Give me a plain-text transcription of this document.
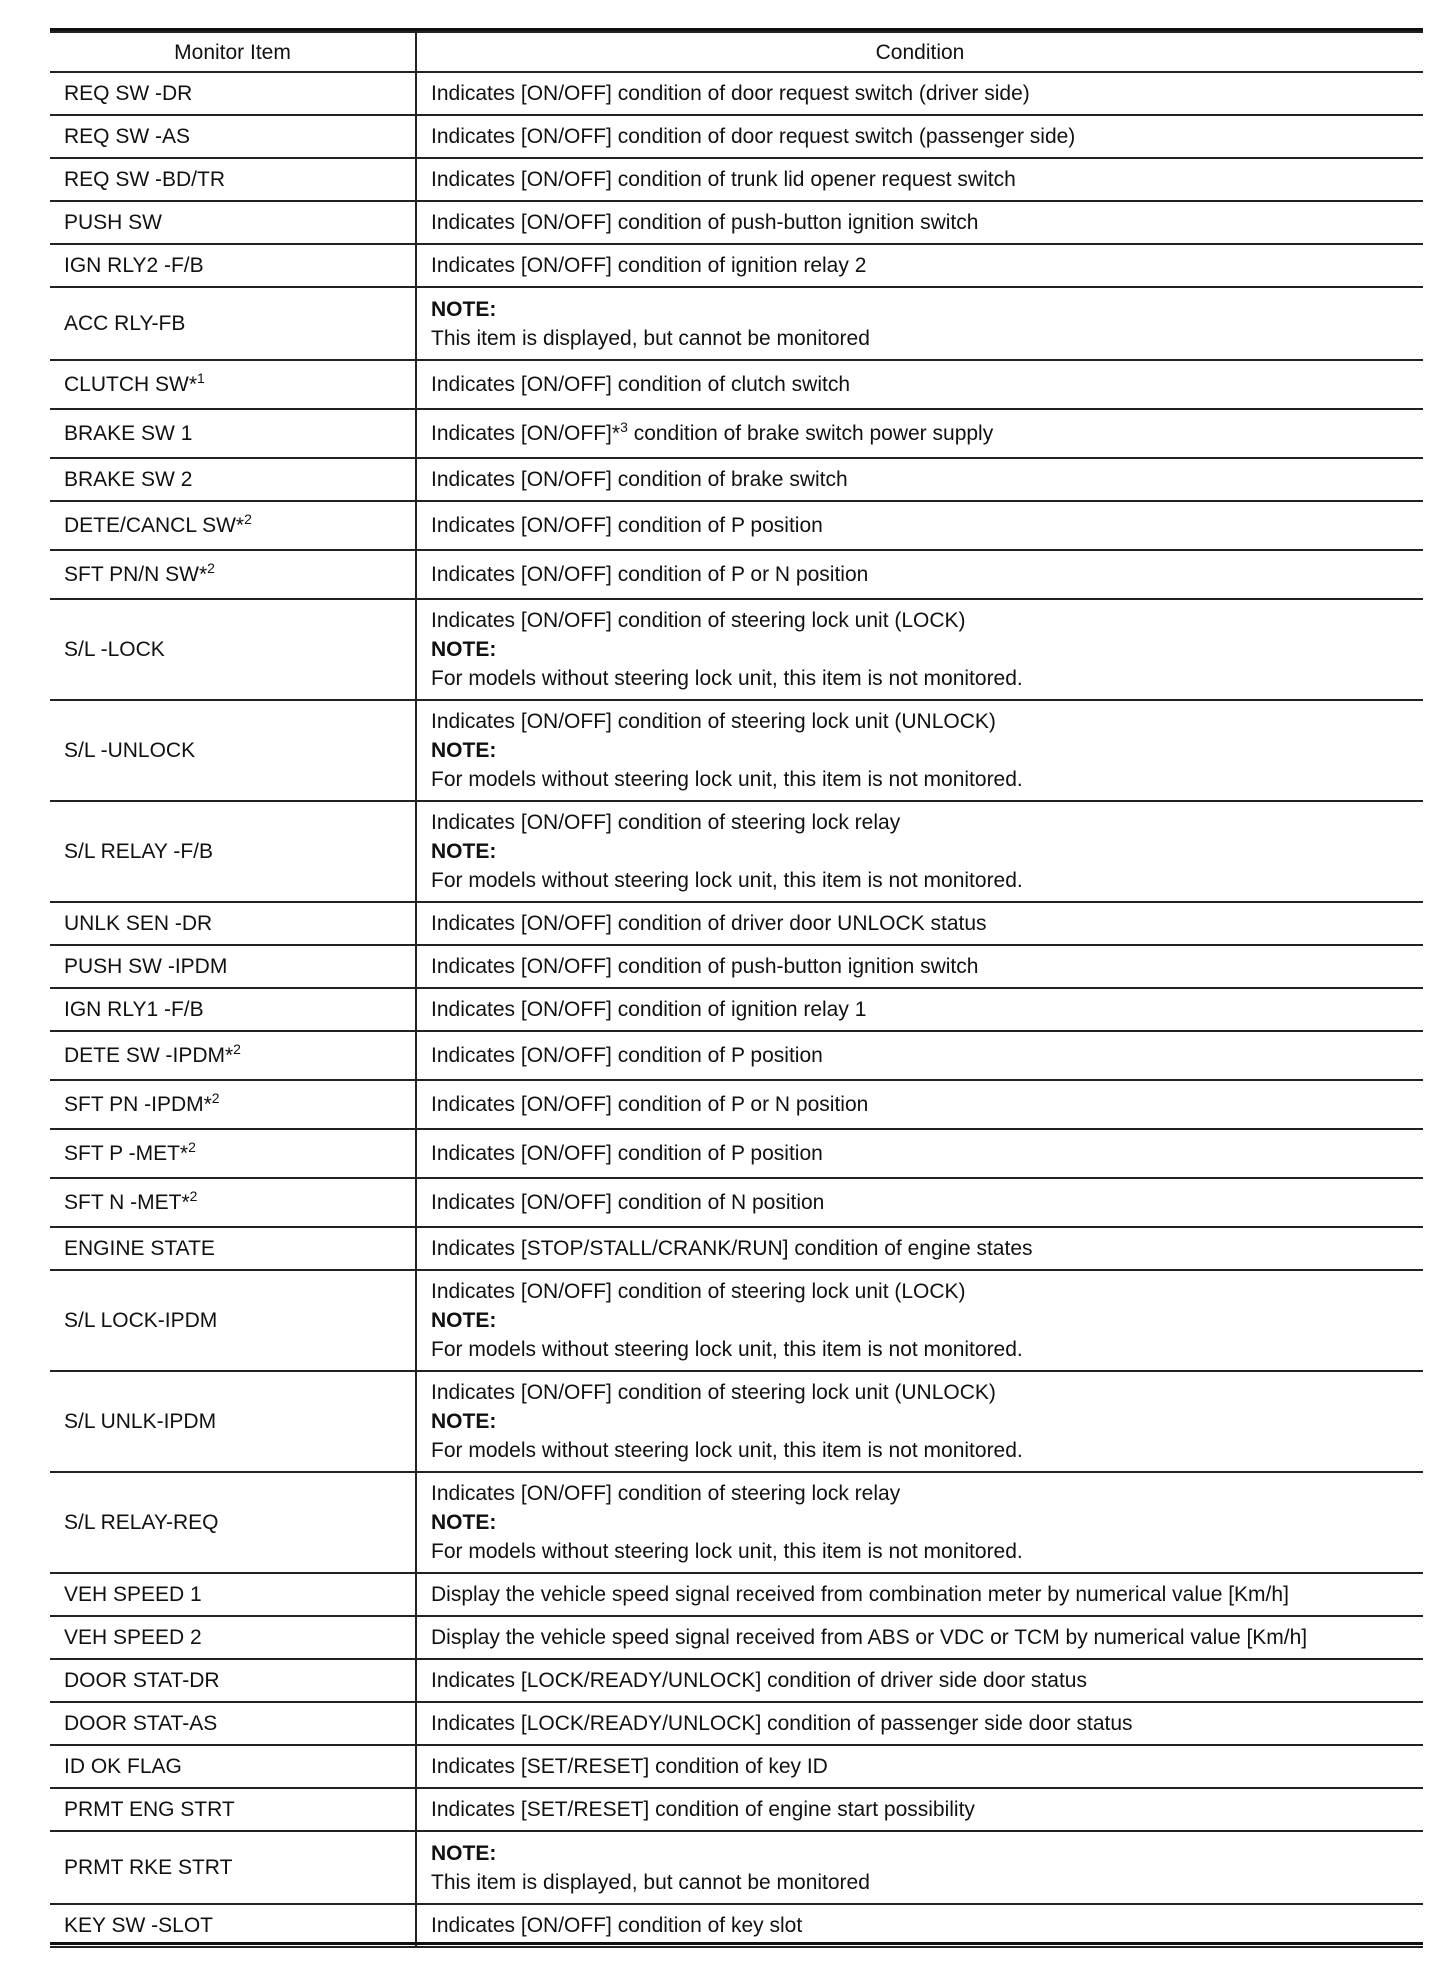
Monitor Item	Condition
REQ SW -DR	Indicates [ON/OFF] condition of door request switch (driver side)

REQ SW -AS	Indicates [ON/OFF] condition of door request switch (passenger side)

REQ SW -BD/TR	Indicates [ON/OFF] condition of trunk lid opener request switch

PUSH SW	Indicates [ON/OFF] condition of push-button ignition switch

IGN RLY2 -F/B	Indicates [ON/OFF] condition of ignition relay 2

ACC RLY-FB	NOTE:
This item is displayed, but cannot be monitored

CLUTCH SW*$^1$	Indicates [ON/OFF] condition of clutch switch

BRAKE SW 1	Indicates [ON/OFF]*$^3$ condition of brake switch power supply

BRAKE SW 2	Indicates [ON/OFF] condition of brake switch

DETE/CANCL SW*$^2$	Indicates [ON/OFF] condition of P position

SFT PN/N SW*$^2$	Indicates [ON/OFF] condition of P or N position

S/L -LOCK	Indicates [ON/OFF] condition of steering lock unit (LOCK)
NOTE:
For models without steering lock unit, this item is not monitored.

S/L -UNLOCK	Indicates [ON/OFF] condition of steering lock unit (UNLOCK)
NOTE:
For models without steering lock unit, this item is not monitored.

S/L RELAY -F/B	Indicates [ON/OFF] condition of steering lock relay
NOTE:
For models without steering lock unit, this item is not monitored.

UNLK SEN -DR	Indicates [ON/OFF] condition of driver door UNLOCK status

PUSH SW -IPDM	Indicates [ON/OFF] condition of push-button ignition switch

IGN RLY1 -F/B	Indicates [ON/OFF] condition of ignition relay 1

DETE SW -IPDM*$^2$	Indicates [ON/OFF] condition of P position

SFT PN -IPDM*$^2$	Indicates [ON/OFF] condition of P or N position

SFT P -MET*$^2$	Indicates [ON/OFF] condition of P position

SFT N -MET*$^2$	Indicates [ON/OFF] condition of N position

ENGINE STATE	Indicates [STOP/STALL/CRANK/RUN] condition of engine states

S/L LOCK-IPDM	Indicates [ON/OFF] condition of steering lock unit (LOCK)
NOTE:
For models without steering lock unit, this item is not monitored.

S/L UNLK-IPDM	Indicates [ON/OFF] condition of steering lock unit (UNLOCK)
NOTE:
For models without steering lock unit, this item is not monitored.

S/L RELAY-REQ	Indicates [ON/OFF] condition of steering lock relay
NOTE:
For models without steering lock unit, this item is not monitored.

VEH SPEED 1	Display the vehicle speed signal received from combination meter by numerical value [Km/h]

VEH SPEED 2	Display the vehicle speed signal received from ABS or VDC or TCM by numerical value [Km/h]

DOOR STAT-DR	Indicates [LOCK/READY/UNLOCK] condition of driver side door status

DOOR STAT-AS	Indicates [LOCK/READY/UNLOCK] condition of passenger side door status

ID OK FLAG	Indicates [SET/RESET] condition of key ID

PRMT ENG STRT	Indicates [SET/RESET] condition of engine start possibility

PRMT RKE STRT	NOTE:
This item is displayed, but cannot be monitored

KEY SW -SLOT	Indicates [ON/OFF] condition of key slot
